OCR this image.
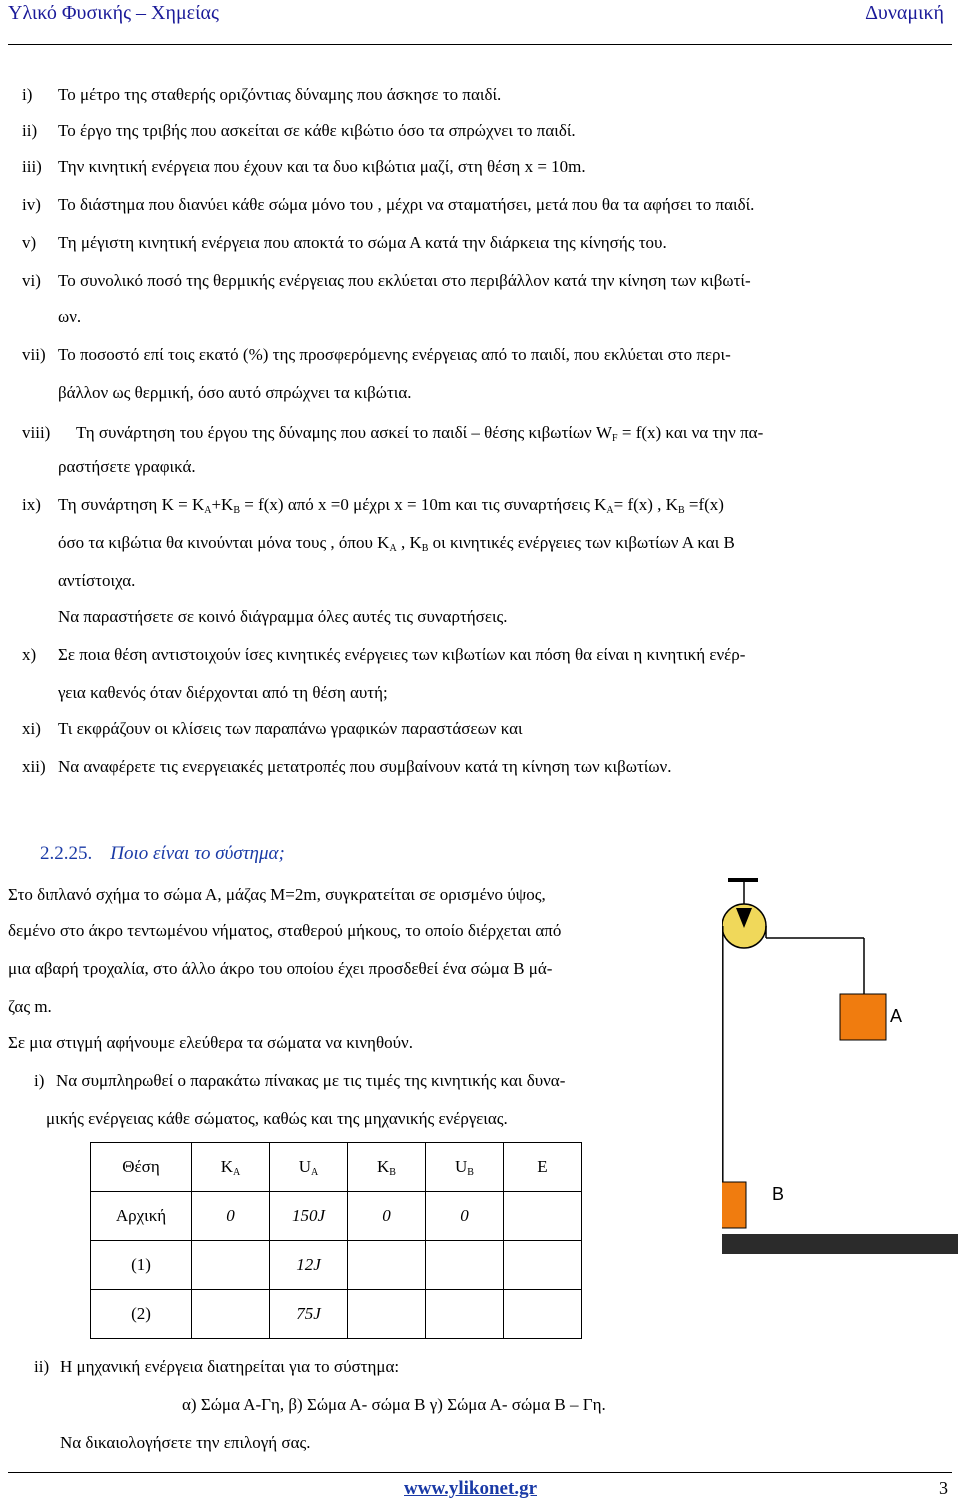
Υλικό Φυσικής – Χημείας	Δυναμική
i) Το μέτρο της σταθερής οριζόντιας δύναμης που άσκησε το παιδί.
ii) Το έργο της τριβής που ασκείται σε κάθε κιβώτιο όσο τα σπρώχνει το παιδί.
iii) Την κινητική ενέργεια που έχουν και τα δυο κιβώτια μαζί, στη θέση x = 10m.
iv) Το διάστημα που διανύει κάθε σώμα μόνο του , μέχρι να σταματήσει, μετά που θα τα αφήσει το παιδί.
v) Τη μέγιστη κινητική ενέργεια που αποκτά το σώμα Α κατά την διάρκεια της κίνησής του.
vi) Το συνολικό ποσό της θερμικής ενέργειας που εκλύεται στο περιβάλλον κατά την κίνηση των κιβωτί-
ων.
vii) Το ποσοστό επί τοις εκατό (%) της προσφερόμενης ενέργειας από το παιδί, που εκλύεται στο περι-
βάλλον ως θερμική, όσο αυτό σπρώχνει τα κιβώτια.
viii) Τη συνάρτηση του έργου της δύναμης που ασκεί το παιδί – θέσης κιβωτίων $W_F = f(x)$ και να την πα-
ραστήσετε γραφικά.
ix) Τη συνάρτηση $K = K_A+K_B = f(x)$ από x =0 μέχρι x = 10m και τις συναρτήσεις $K_A= f(x)$ , $K_B =f(x)$
όσο τα κιβώτια θα κινούνται μόνα τους , όπου $K_A$ , $K_B$ οι κινητικές ενέργειες των κιβωτίων Α και Β
αντίστοιχα.
Να παραστήσετε σε κοινό διάγραμμα όλες αυτές τις συναρτήσεις.
x) Σε ποια θέση αντιστοιχούν ίσες κινητικές ενέργειες των κιβωτίων και πόση θα είναι η κινητική ενέρ-
γεια καθενός όταν διέρχονται από τη θέση αυτή;
xi) Τι εκφράζουν οι κλίσεις των παραπάνω γραφικών παραστάσεων και
xii) Να αναφέρετε τις ενεργειακές μετατροπές που συμβαίνουν κατά τη κίνηση των κιβωτίων.
2.2.25. Ποιο είναι το σύστημα;
Στο διπλανό σχήμα το σώμα Α, μάζας Μ=2m, συγκρατείται σε ορισμένο ύψος,
δεμένο στο άκρο τεντωμένου νήματος, σταθερού μήκους, το οποίο διέρχεται από
μια αβαρή τροχαλία, στο άλλο άκρο του οποίου έχει προσδεθεί ένα σώμα Β μά-
ζας m.
Σε μια στιγμή αφήνουμε ελεύθερα τα σώματα να κινηθούν.
i) Να συμπληρωθεί ο παρακάτω πίνακας με τις τιμές της κινητικής και δυνα-
μικής ενέργειας κάθε σώματος, καθώς και της μηχανικής ενέργειας.
Θέση	$K_A$	$U_A$	$K_B$	$U_B$	E
Αρχική	0	150J	0	0	
(1)		12J			
(2)		75J			
ii) Η μηχανική ενέργεια διατηρείται για το σύστημα:
α) Σώμα Α-Γη, β) Σώμα Α- σώμα Β γ) Σώμα Α- σώμα Β – Γη.
Να δικαιολογήσετε την επιλογή σας.
Α
Β
www.ylikonet.gr	3
